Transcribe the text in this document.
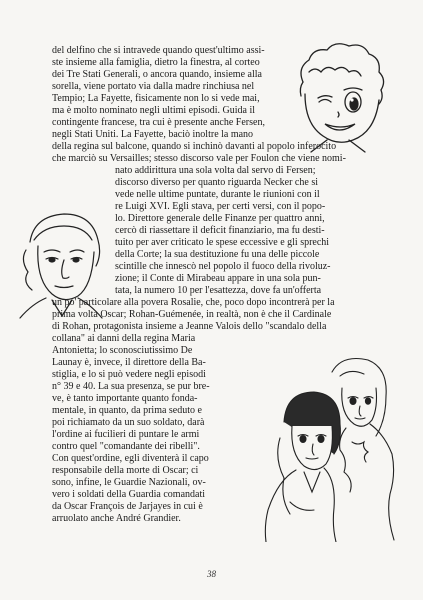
del delfino che si intravede quando quest'ultimo assi-
ste insieme alla famiglia, dietro la finestra, al corteo
dei Tre Stati Generali, o ancora quando, insieme alla
sorella, viene portato via dalla madre rinchiusa nel
Tempio; La Fayette, fisicamente non lo si vede mai,
ma è molto nominato negli ultimi episodi. Guida il
contingente francese, tra cui è presente anche Fersen,
negli Stati Uniti. La Fayette, baciò inoltre la mano
della regina sul balcone, quando si inchinò davanti al popolo inferocito
che marciò su Versailles; stesso discorso vale per Foulon che viene nomi-
nato addirittura una sola volta dal servo di Fersen;
discorso diverso per quanto riguarda Necker che si
vede nelle ultime puntate, durante le riunioni con il
re Luigi XVI. Egli stava, per certi versi, con il popo-
lo. Direttore generale delle Finanze per quattro anni,
cercò di riassettare il deficit finanziario, ma fu desti-
tuito per aver criticato le spese eccessive e gli sprechi
della Corte; la sua destituzione fu una delle piccole
scintille che innescò nel popolo il fuoco della rivoluz-
zione; il Conte di Mirabeau appare in una sola pun-
tata, la numero 10 per l'esattezza, dove fa un'offerta
un po' particolare alla povera Rosalie, che, poco dopo incontrerà per la
prima volta Oscar; Rohan-Guémenée, in realtà, non è che il Cardinale
di Rohan, protagonista insieme a Jeanne Valois dello "scandalo della
collana" ai danni della regina Maria
Antonietta; lo sconosciutissimo De
Launay è, invece, il direttore della Ba-
stiglia, e lo si può vedere negli episodi
n° 39 e 40. La sua presenza, se pur bre-
ve, è tanto importante quanto fonda-
mentale, in quanto, da prima seduto e
poi richiamato da un suo soldato, darà
l'ordine ai fucilieri di puntare le armi
contro quel "comandante dei ribelli".
Con quest'ordine, egli diventerà il capo
responsabile della morte di Oscar; ci
sono, infine, le Guardie Nazionali, ov-
vero i soldati della Guardia comandati
da Oscar François de Jarjayes in cui è
arruolato anche André Grandier.
38
